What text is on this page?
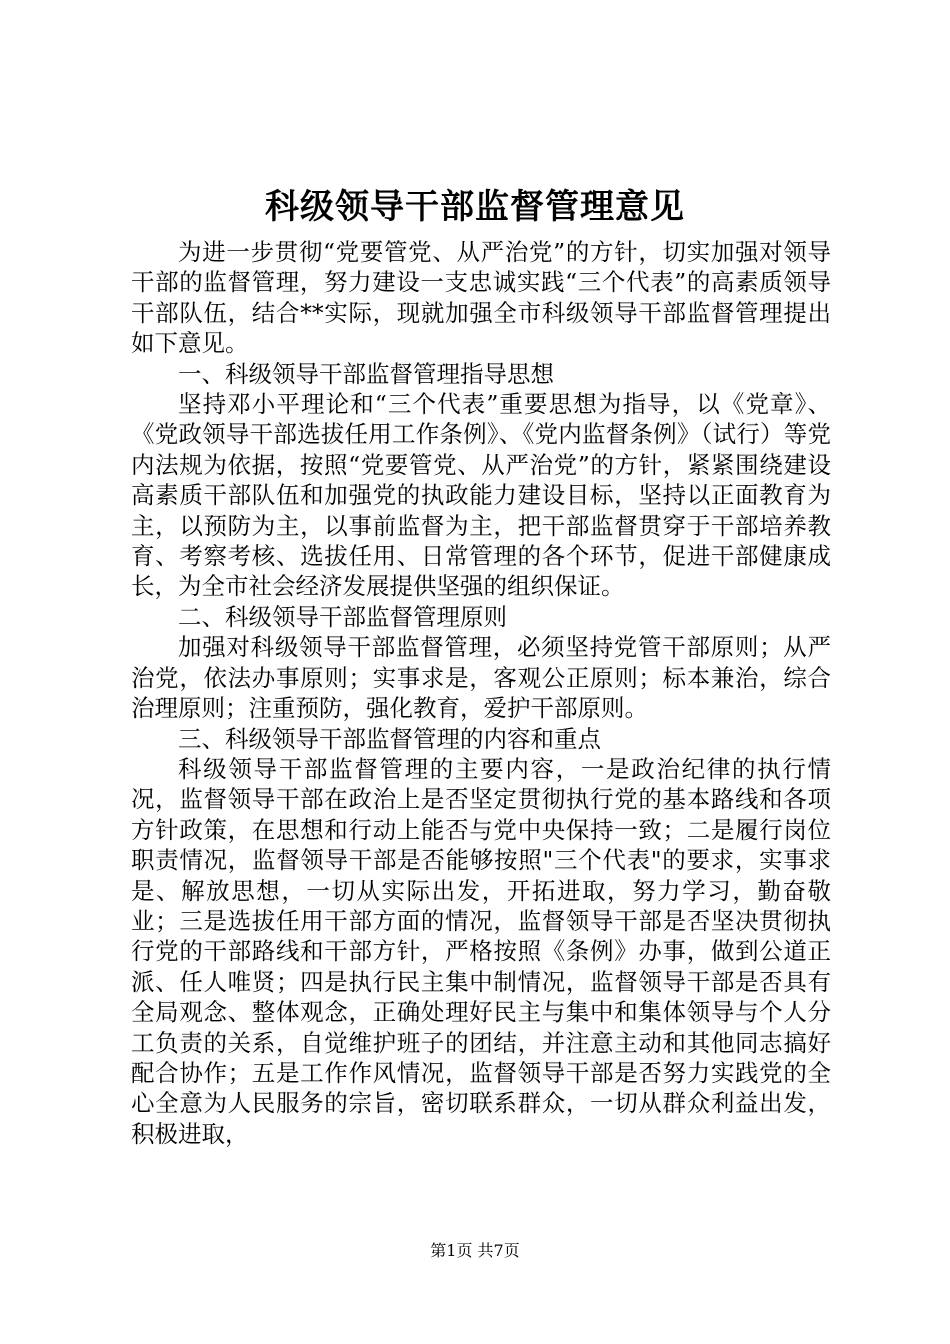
科级领导干部监督管理意见

为进一步贯彻“党要管党、从严治党”的方针，切实加强对领导干部的监督管理，努力建设一支忠诚实践“三个代表”的高素质领导干部队伍，结合**实际，现就加强全市科级领导干部监督管理提出如下意见。

一、科级领导干部监督管理指导思想

坚持邓小平理论和“三个代表”重要思想为指导，以《党章》、《党政领导干部选拔任用工作条例》、《党内监督条例》（试行）等党内法规为依据，按照“党要管党、从严治党”的方针，紧紧围绕建设高素质干部队伍和加强党的执政能力建设目标，坚持以正面教育为主，以预防为主，以事前监督为主，把干部监督贯穿于干部培养教育、考察考核、选拔任用、日常管理的各个环节，促进干部健康成长，为全市社会经济发展提供坚强的组织保证。

二、科级领导干部监督管理原则

加强对科级领导干部监督管理，必须坚持党管干部原则；从严治党，依法办事原则；实事求是，客观公正原则；标本兼治，综合治理原则；注重预防，强化教育，爱护干部原则。

三、科级领导干部监督管理的内容和重点

科级领导干部监督管理的主要内容，一是政治纪律的执行情况，监督领导干部在政治上是否坚定贯彻执行党的基本路线和各项方针政策，在思想和行动上能否与党中央保持一致；二是履行岗位职责情况，监督领导干部是否能够按照"三个代表"的要求，实事求是、解放思想，一切从实际出发，开拓进取，努力学习，勤奋敬业；三是选拔任用干部方面的情况，监督领导干部是否坚决贯彻执行党的干部路线和干部方针，严格按照《条例》办事，做到公道正派、任人唯贤；四是执行民主集中制情况，监督领导干部是否具有全局观念、整体观念，正确处理好民主与集中和集体领导与个人分工负责的关系，自觉维护班子的团结，并注意主动和其他同志搞好配合协作；五是工作作风情况，监督领导干部是否努力实践党的全心全意为人民服务的宗旨，密切联系群众，一切从群众利益出发，积极进取，

第1页 共7页
